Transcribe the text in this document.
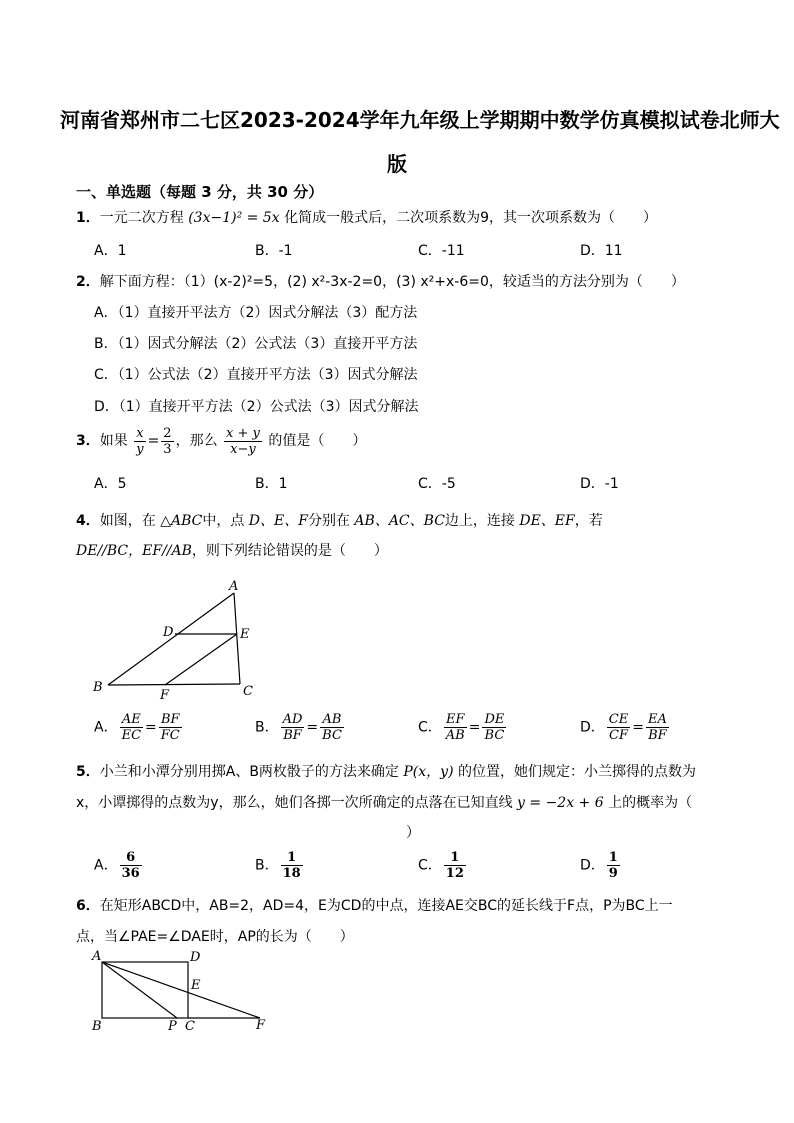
河南省郑州市二七区2023-2024学年九年级上学期期中数学仿真模拟试卷北师大
版
一、单选题（每题 3 分，共 30 分）
1．一元二次方程 (3x−1)² = 5x 化简成一般式后，二次项系数为9，其一次项系数为（　　）
A．1	B．-1	C．-11	D．11
2．解下面方程：（1）(x-2)²=5，(2) x²-3x-2=0，(3) x²+x-6=0，较适当的方法分别为（　　）
A．（1）直接开平法方（2）因式分解法（3）配方法
B．（1）因式分解法（2）公式法（3）直接开平方法
C．（1）公式法（2）直接开平方法（3）因式分解法
D．（1）直接开平方法（2）公式法（3）因式分解法
3．如果 $\frac{x}{y} = \frac{2}{3}$ ，那么 $\frac{x + y}{x-y}$ 的值是（　　）
A．5	B．1	C．-5	D．-1
4．如图，在 △ABC中，点 D、E、F分别在 AB、AC、BC边上，连接 DE、EF，若
DE//BC，EF//AB，则下列结论错误的是（　　）
A
B	C
D	E
F
A． $\frac{AE}{EC} = \frac{BF}{FC}$	B． $\frac{AD}{BF} = \frac{AB}{BC}$	C． $\frac{EF}{AB} = \frac{DE}{BC}$	D． $\frac{CE}{CF} = \frac{EA}{BF}$
5．小兰和小潭分别用掷A、B两枚骰子的方法来确定 P(x，y) 的位置，她们规定：小兰掷得的点数为
x，小谭掷得的点数为y，那么，她们各掷一次所确定的点落在已知直线 y = −2x + 6 上的概率为（
）
A． $\frac{6}{36}$	B． $\frac{1}{18}$	C． $\frac{1}{12}$	D． $\frac{1}{9}$
6．在矩形ABCD中，AB=2，AD=4，E为CD的中点，连接AE交BC的延长线于F点，P为BC上一
点，当∠PAE=∠DAE时，AP的长为（　　）
A	D
E
B	P C	F
